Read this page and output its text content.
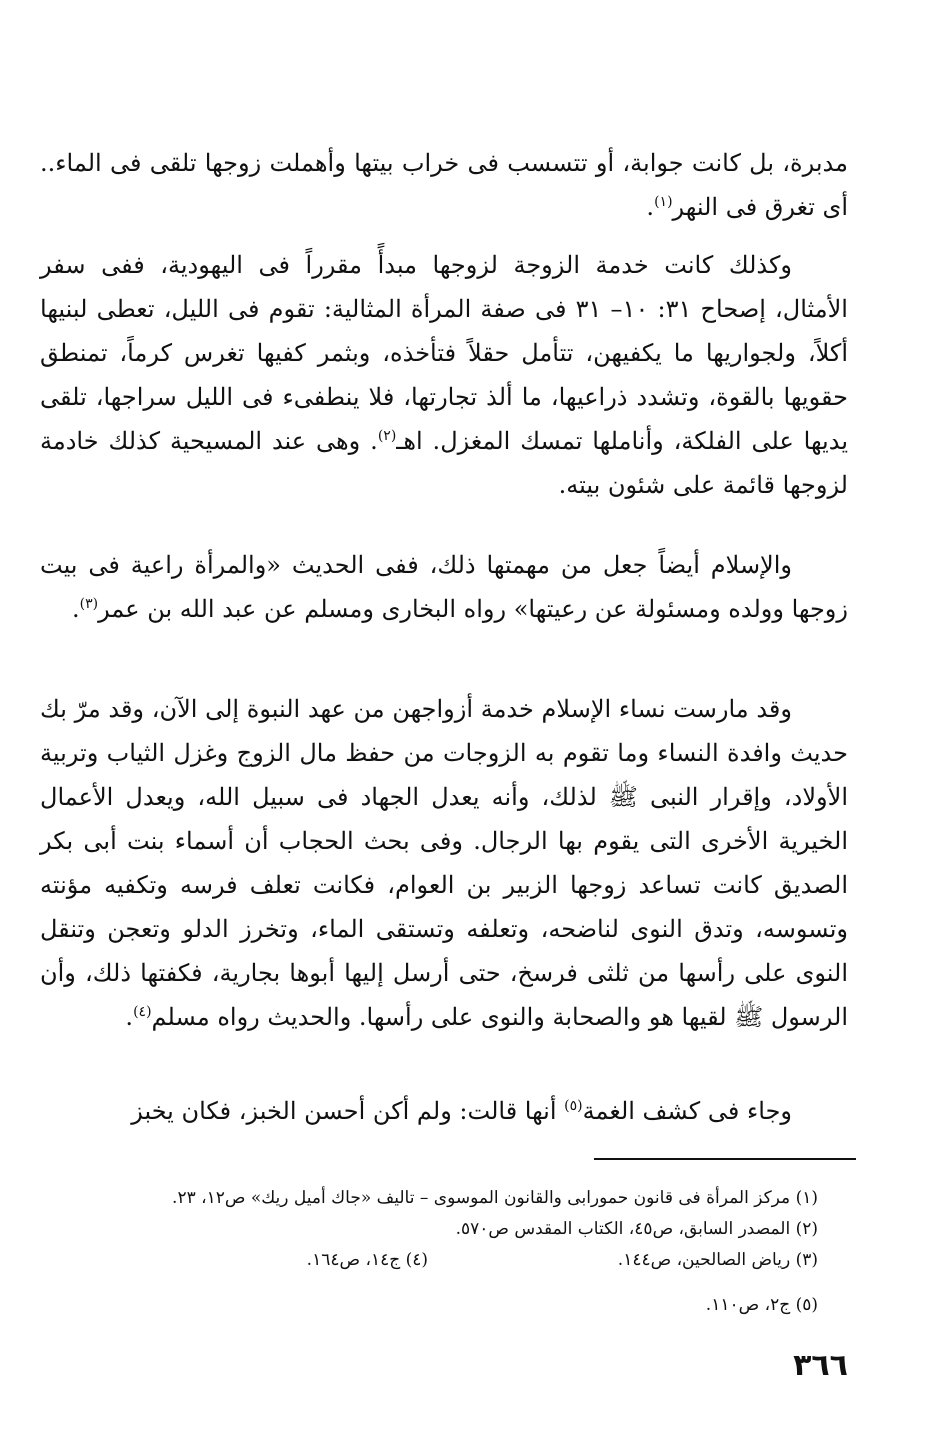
مدبرة، بل كانت جوابة، أو تتسسب فى خراب بيتها وأهملت زوجها تلقى فى الماء.. أى تغرق فى النهر$^{(١)}$.

وكذلك كانت خدمة الزوجة لزوجها مبدأً مقرراً فى اليهودية، ففى سفر الأمثال، إصحاح ٣١: ١٠– ٣١ فى صفة المرأة المثالية: تقوم فى الليل، تعطى لبنيها أكلاً، ولجواريها ما يكفيهن، تتأمل حقلاً فتأخذه، وبثمر كفيها تغرس كرماً، تمنطق حقويها بالقوة، وتشدد ذراعيها، ما ألذ تجارتها، فلا ينطفىء فى الليل سراجها، تلقى يديها على الفلكة، وأناملها تمسك المغزل. اهـ$^{(٢)}$. وهى عند المسيحية كذلك خادمة لزوجها قائمة على شئون بيته.

والإسلام أيضاً جعل من مهمتها ذلك، ففى الحديث «والمرأة راعية فى بيت زوجها وولده ومسئولة عن رعيتها» رواه البخارى ومسلم عن عبد الله بن عمر$^{(٣)}$.

وقد مارست نساء الإسلام خدمة أزواجهن من عهد النبوة إلى الآن، وقد مرّ بك حديث وافدة النساء وما تقوم به الزوجات من حفظ مال الزوج وغزل الثياب وتربية الأولاد، وإقرار النبى ﷺ لذلك، وأنه يعدل الجهاد فى سبيل الله، ويعدل الأعمال الخيرية الأخرى التى يقوم بها الرجال. وفى بحث الحجاب أن أسماء بنت أبى بكر الصديق كانت تساعد زوجها الزبير بن العوام، فكانت تعلف فرسه وتكفيه مؤنته وتسوسه، وتدق النوى لناضحه، وتعلفه وتستقى الماء، وتخرز الدلو وتعجن وتنقل النوى على رأسها من ثلثى فرسخ، حتى أرسل إليها أبوها بجارية، فكفتها ذلك، وأن الرسول ﷺ لقيها هو والصحابة والنوى على رأسها. والحديث رواه مسلم$^{(٤)}$.

وجاء فى كشف الغمة$^{(٥)}$ أنها قالت: ولم أكن أحسن الخبز، فكان يخبز

(١) مركز المرأة فى قانون حمورابى والقانون الموسوى – تاليف «جاك أميل ريك» ص١٢، ٢٣.

(٢) المصدر السابق، ص٤٥، الكتاب المقدس ص٥٧٠.

(٣) رياض الصالحين، ص١٤٤.

(٤) ج١٤، ص١٦٤.

(٥) ج٢، ص١١٠.

٣٦٦
